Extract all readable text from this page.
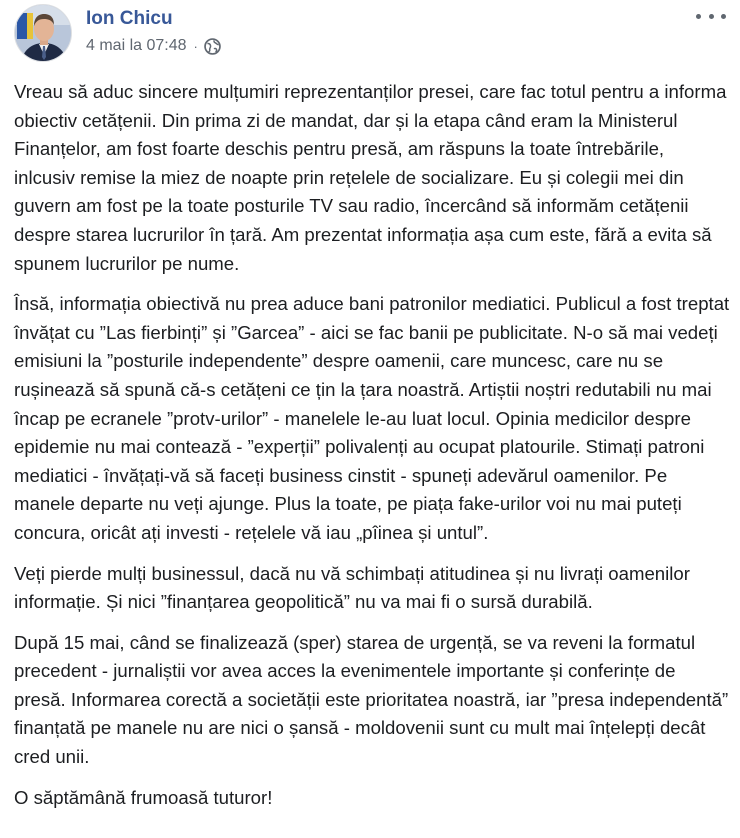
Ion Chicu
4 mai la 07:48 ·

Vreau să aduc sincere mulțumiri reprezentanților presei, care fac totul pentru a informa obiectiv cetățenii. Din prima zi de mandat, dar și la etapa când eram la Ministerul Finanțelor, am fost foarte deschis pentru presă, am răspuns la toate întrebările, inlcusiv remise la miez de noapte prin rețelele de socializare. Eu și colegii mei din guvern am fost pe la toate posturile TV sau radio, încercând să informăm cetățenii despre starea lucrurilor în țară. Am prezentat informația așa cum este, fără a evita să spunem lucrurilor pe nume.

Însă, informația obiectivă nu prea aduce bani patronilor mediatici. Publicul a fost treptat învățat cu ”Las fierbinți” și ”Garcea” - aici se fac banii pe publicitate. N-o să mai vedeți emisiuni la ”posturile independente” despre oamenii, care muncesc, care nu se rușinează să spună că-s cetățeni ce țin la țara noastră. Artiștii noștri redutabili nu mai încap pe ecranele ”protv-urilor” - manelele le-au luat locul. Opinia medicilor despre epidemie nu mai contează - ”experții” polivalenți au ocupat platourile. Stimați patroni mediatici - învățați-vă să faceți business cinstit - spuneți adevărul oamenilor. Pe manele departe nu veți ajunge. Plus la toate, pe piața fake-urilor voi nu mai puteți concura, oricât ați investi - rețelele vă iau „pîinea și untul”.

Veți pierde mulți businessul, dacă nu vă schimbați atitudinea și nu livrați oamenilor informație. Și nici ”finanțarea geopolitică” nu va mai fi o sursă durabilă.

După 15 mai, când se finalizează (sper) starea de urgență, se va reveni la formatul precedent - jurnaliștii vor avea acces la evenimentele importante și conferințe de presă. Informarea corectă a societății este prioritatea noastră, iar ”presa independentă” finanțată pe manele nu are nici o șansă - moldovenii sunt cu mult mai înțelepți decât cred unii.

O săptămână frumoasă tuturor!
